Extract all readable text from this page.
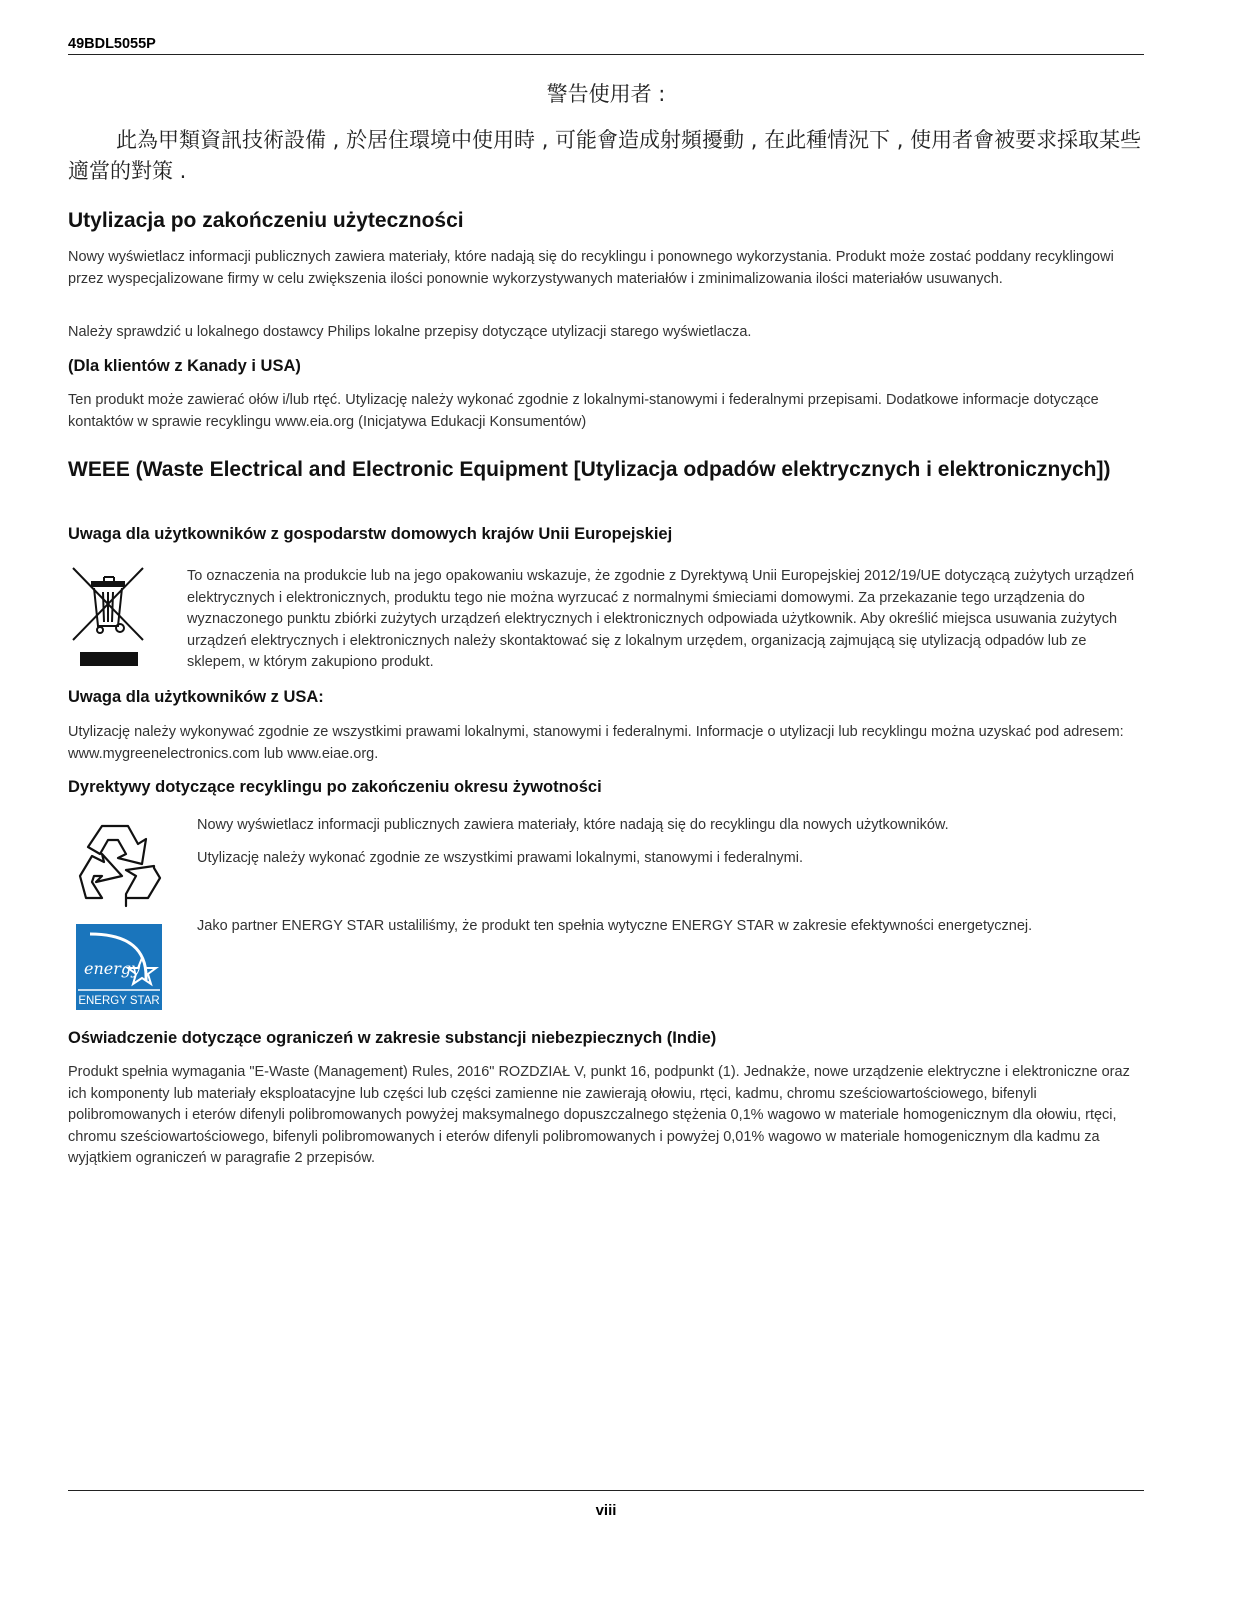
49BDL5055P
警告使用者 :
此為甲類資訊技術設備 , 於居住環境中使用時 , 可能會造成射頻擾動 , 在此種情況下 , 使用者會被要求採取某些適當的對策 .
Utylizacja po zakończeniu użyteczności
Nowy wyświetlacz informacji publicznych zawiera materiały, które nadają się do recyklingu i ponownego wykorzystania. Produkt może zostać poddany recyklingowi przez wyspecjalizowane firmy w celu zwiększenia ilości ponownie wykorzystywanych materiałów i zminimalizowania ilości materiałów usuwanych.
Należy sprawdzić u lokalnego dostawcy Philips lokalne przepisy dotyczące utylizacji starego wyświetlacza.
(Dla klientów z Kanady i USA)
Ten produkt może zawierać ołów i/lub rtęć. Utylizację należy wykonać zgodnie z lokalnymi-stanowymi i federalnymi przepisami. Dodatkowe informacje dotyczące kontaktów w sprawie recyklingu www.eia.org (Inicjatywa Edukacji Konsumentów)
WEEE (Waste Electrical and Electronic Equipment [Utylizacja odpadów elektrycznych i elektronicznych])
Uwaga dla użytkowników z gospodarstw domowych krajów Unii Europejskiej
To oznaczenia na produkcie lub na jego opakowaniu wskazuje, że zgodnie z Dyrektywą Unii Europejskiej 2012/19/UE dotyczącą zużytych urządzeń elektrycznych i elektronicznych, produktu tego nie można wyrzucać z normalnymi śmieciami domowymi. Za przekazanie tego urządzenia do wyznaczonego punktu zbiórki zużytych urządzeń elektrycznych i elektronicznych odpowiada użytkownik. Aby określić miejsca usuwania zużytych urządzeń elektrycznych i elektronicznych należy skontaktować się z lokalnym urzędem, organizacją zajmującą się utylizacją odpadów lub ze sklepem, w którym zakupiono produkt.
Uwaga dla użytkowników z USA:
Utylizację należy wykonywać zgodnie ze wszystkimi prawami lokalnymi, stanowymi i federalnymi. Informacje o utylizacji lub recyklingu można uzyskać pod adresem: www.mygreenelectronics.com lub www.eiae.org.
Dyrektywy dotyczące recyklingu po zakończeniu okresu żywotności
Nowy wyświetlacz informacji publicznych zawiera materiały, które nadają się do recyklingu dla nowych użytkowników.
Utylizację należy wykonać zgodnie ze wszystkimi prawami lokalnymi, stanowymi i federalnymi.
energy
ENERGY STAR
Jako partner ENERGY STAR ustaliliśmy, że produkt ten spełnia wytyczne ENERGY STAR w zakresie efektywności energetycznej.
Oświadczenie dotyczące ograniczeń w zakresie substancji niebezpiecznych (Indie)
Produkt spełnia wymagania "E-Waste (Management) Rules, 2016" ROZDZIAŁ V, punkt 16, podpunkt (1). Jednakże, nowe urządzenie elektryczne i elektroniczne oraz ich komponenty lub materiały eksploatacyjne lub części lub części zamienne nie zawierają ołowiu, rtęci, kadmu, chromu sześciowartościowego, bifenyli polibromowanych i eterów difenyli polibromowanych powyżej maksymalnego dopuszczalnego stężenia 0,1% wagowo w materiale homogenicznym dla ołowiu, rtęci, chromu sześciowartościowego, bifenyli polibromowanych i eterów difenyli polibromowanych i powyżej 0,01% wagowo w materiale homogenicznym dla kadmu za wyjątkiem ograniczeń w paragrafie 2 przepisów.
viii
